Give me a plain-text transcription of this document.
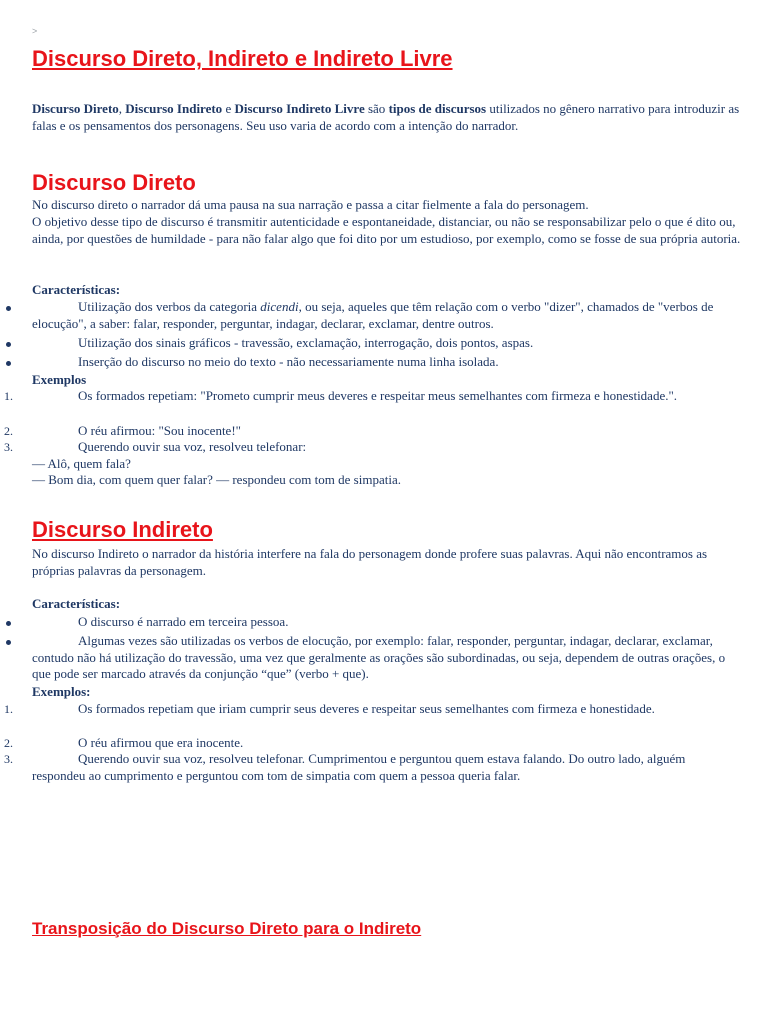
>
Discurso Direto, Indireto e Indireto Livre

Discurso Direto, Discurso Indireto e Discurso Indireto Livre são tipos de discursos utilizados no gênero narrativo para introduzir as falas e os pensamentos dos personagens. Seu uso varia de acordo com a intenção do narrador.

Discurso Direto

No discurso direto o narrador dá uma pausa na sua narração e passa a citar fielmente a fala do personagem.

O objetivo desse tipo de discurso é transmitir autenticidade e espontaneidade, distanciar, ou não se responsabilizar pelo o que é dito ou, ainda, por questões de humildade - para não falar algo que foi dito por um estudioso, por exemplo, como se fosse de sua própria autoria.

Características:

Utilização dos verbos da categoria dicendi, ou seja, aqueles que têm relação com o verbo "dizer", chamados de "verbos de elocução", a saber: falar, responder, perguntar, indagar, declarar, exclamar, dentre outros.

Utilização dos sinais gráficos - travessão, exclamação, interrogação, dois pontos, aspas.

Inserção do discurso no meio do texto - não necessariamente numa linha isolada.

Exemplos

1.	Os formados repetiam: "Prometo cumprir meus deveres e respeitar meus semelhantes com firmeza e honestidade.".

2.	O réu afirmou: "Sou inocente!"

3.	Querendo ouvir sua voz, resolveu telefonar:

— Alô, quem fala?

— Bom dia, com quem quer falar? — respondeu com tom de simpatia.

Discurso Indireto

No discurso Indireto o narrador da história interfere na fala do personagem donde profere suas palavras. Aqui não encontramos as próprias palavras da personagem.

Características:

O discurso é narrado em terceira pessoa.

Algumas vezes são utilizadas os verbos de elocução, por exemplo: falar, responder, perguntar, indagar, declarar, exclamar, contudo não há utilização do travessão, uma vez que geralmente as orações são subordinadas, ou seja, dependem de outras orações, o que pode ser marcado através da conjunção “que” (verbo + que).

Exemplos:

1.	Os formados repetiam que iriam cumprir seus deveres e respeitar seus semelhantes com firmeza e honestidade.

2.	O réu afirmou que era inocente.

3.	Querendo ouvir sua voz, resolveu telefonar. Cumprimentou e perguntou quem estava falando. Do outro lado, alguém respondeu ao cumprimento e perguntou com tom de simpatia com quem a pessoa queria falar.

Transposição do Discurso Direto para o Indireto
